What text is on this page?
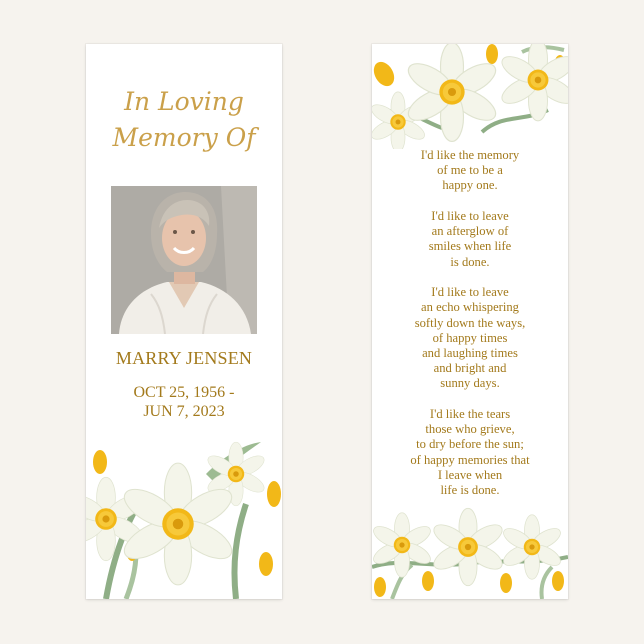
In Loving
Memory Of
MARRY JENSEN
OCT 25, 1956 -
JUN 7, 2023
I'd like the memory
of me to be a
happy one.
I'd like to leave
an afterglow of
smiles when life
is done.
I'd like to leave
an echo whispering
softly down the ways,
of happy times
and laughing times
and bright and
sunny days.
I'd like the tears
those who grieve,
to dry before the sun;
of happy memories that
I leave when
life is done.
